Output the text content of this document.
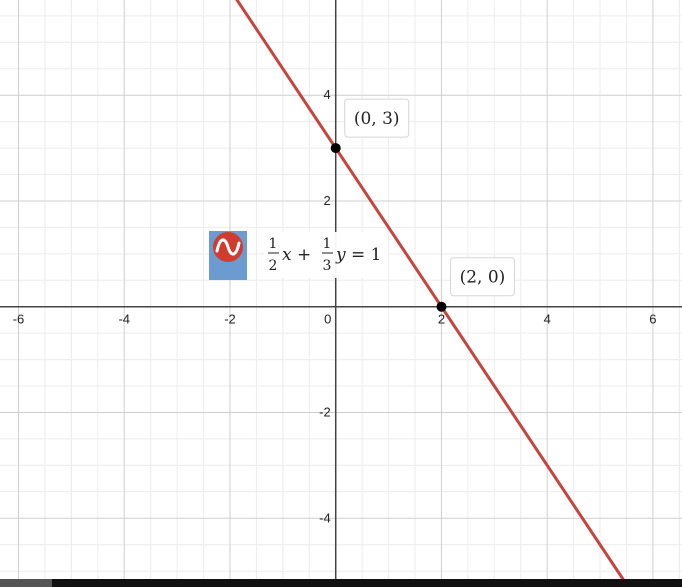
-6	-4	-2	0	2	4	6
4
2
-2
-4
(0, 3)
(2, 0)
1
2
x +
1
3
y = 1
